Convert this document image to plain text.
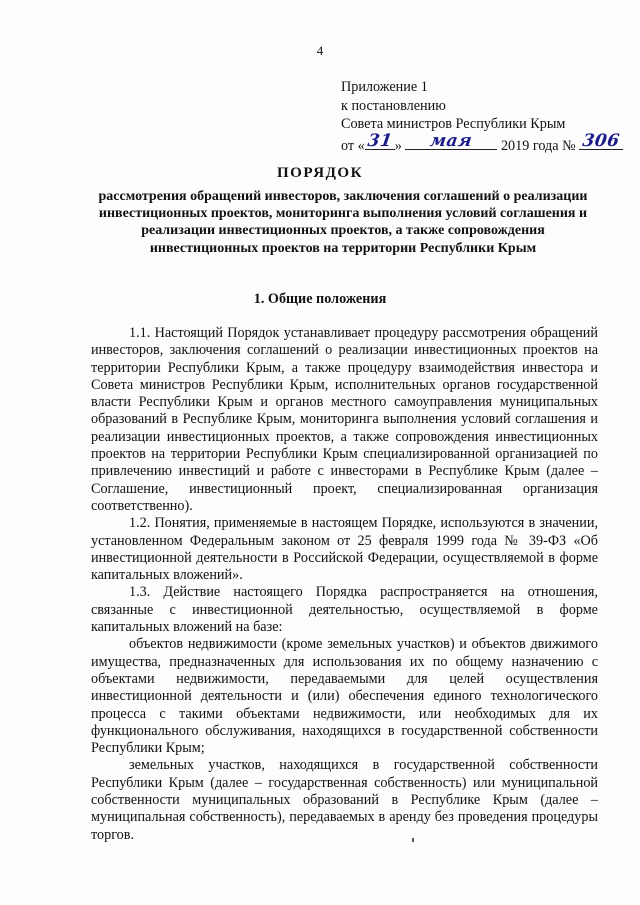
4
Приложение 1
к постановлению
Совета министров Республики Крым
от « 31 »	мая	2019 года № 306
ПОРЯДОК
рассмотрения обращений инвесторов, заключения соглашений о реализации инвестиционных проектов, мониторинга выполнения условий соглашения и реализации инвестиционных проектов, а также сопровождения инвестиционных проектов на территории Республики Крым
1. Общие положения

1.1. Настоящий Порядок устанавливает процедуру рассмотрения обращений инвесторов, заключения соглашений о реализации инвестиционных проектов на территории Республики Крым, а также процедуру взаимодействия инвестора и Совета министров Республики Крым, исполнительных органов государственной власти Республики Крым и органов местного самоуправления муниципальных образований в Республике Крым, мониторинга выполнения условий соглашения и реализации инвестиционных проектов, а также сопровождения инвестиционных проектов на территории Республики Крым специализированной организацией по привлечению инвестиций и работе с инвесторами в Республике Крым (далее – Соглашение, инвестиционный проект, специализированная организация соответственно).

1.2. Понятия, применяемые в настоящем Порядке, используются в значении, установленном Федеральным законом от 25 февраля 1999 года № 39-ФЗ «Об инвестиционной деятельности в Российской Федерации, осуществляемой в форме капитальных вложений».

1.3. Действие настоящего Порядка распространяется на отношения, связанные с инвестиционной деятельностью, осуществляемой в форме капитальных вложений на базе:

объектов недвижимости (кроме земельных участков) и объектов движимого имущества, предназначенных для использования их по общему назначению с объектами недвижимости, передаваемыми для целей осуществления инвестиционной деятельности и (или) обеспечения единого технологического процесса с такими объектами недвижимости, или необходимых для их функционального обслуживания, находящихся в государственной собственности Республики Крым;

земельных участков, находящихся в государственной собственности Республики Крым (далее – государственная собственность) или муниципальной собственности муниципальных образований в Республике Крым (далее – муниципальная собственность), передаваемых в аренду без проведения процедуры торгов.
